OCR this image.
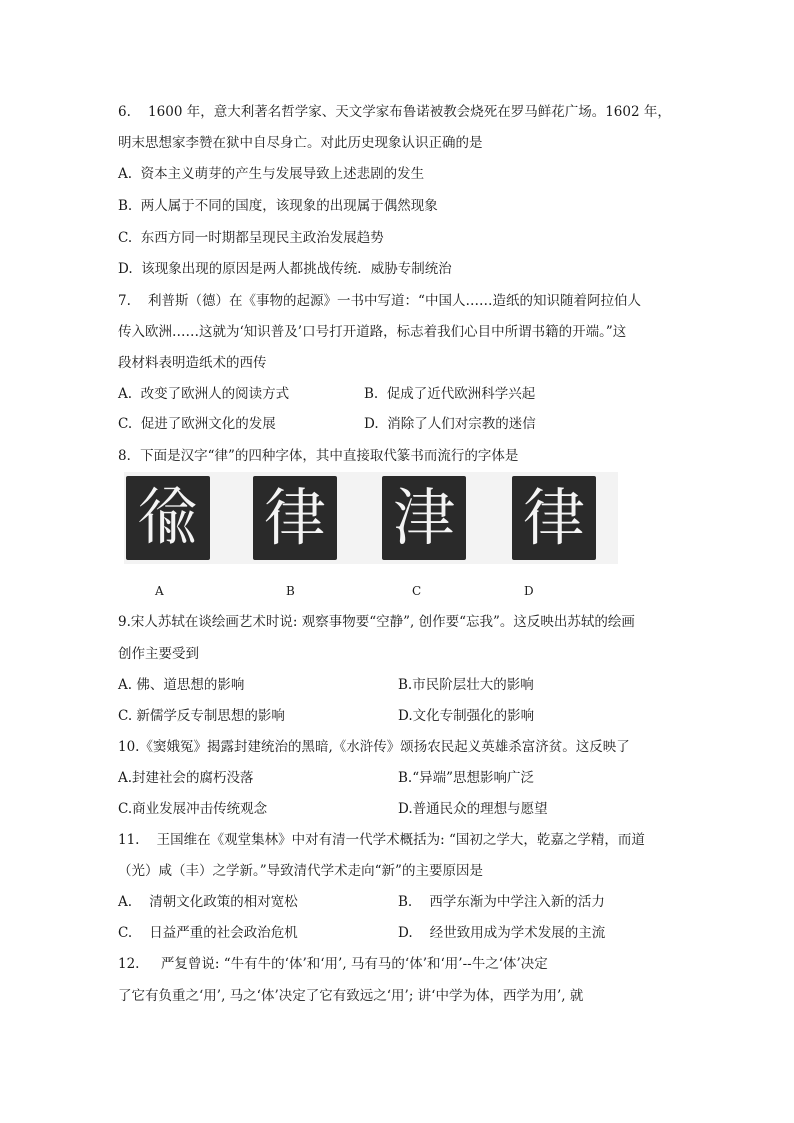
6.    1600 年，意大利著名哲学家、天文学家布鲁诺被教会烧死在罗马鲜花广场。1602 年，
明末思想家李赞在狱中自尽身亡。对此历史现象认识正确的是
A.  资本主义萌芽的产生与发展导致上述悲剧的发生
B.  两人属于不同的国度，该现象的出现属于偶然现象
C.  东西方同一时期都呈现民主政治发展趋势
D.  该现象出现的原因是两人都挑战传统．威胁专制统治
7.    利普斯（德）在《事物的起源》一书中写道：“中国人……造纸的知识随着阿拉伯人
传入欧洲……这就为‘知识普及’口号打开道路，标志着我们心目中所谓书籍的开端。”这
段材料表明造纸术的西传
A.  改变了欧洲人的阅读方式	B.  促成了近代欧洲科学兴起
C.  促进了欧洲文化的发展	D.  消除了人们对宗教的迷信
8．下面是汉字“律”的四种字体，其中直接取代篆书而流行的字体是
𢔢 律 津 律
A	B	C	D
9.宋人苏轼在谈绘画艺术时说: 观察事物要“空静”, 创作要“忘我”。这反映出苏轼的绘画
创作主要受到
A. 佛、道思想的影响	B.市民阶层壮大的影响
C. 新儒学反专制思想的影响	D.文化专制强化的影响
10.《窦娥冤》揭露封建统治的黑暗,《水浒传》颂扬农民起义英雄杀富济贫。这反映了
A.封建社会的腐朽没落	B.“异端”思想影响广泛
C.商业发展冲击传统观念	D.普通民众的理想与愿望
11.    王国维在《观堂集林》中对有清一代学术概括为: “国初之学大，乾嘉之学精，而道
（光）咸（丰）之学新。”导致清代学术走向“新”的主要原因是
A.    清朝文化政策的相对宽松	B.    西学东渐为中学注入新的活力
C.    日益严重的社会政治危机	D.    经世致用成为学术发展的主流
12.     严复曾说: “牛有牛的‘体’和‘用’, 马有马的‘体’和‘用’--牛之‘体’决定
了它有负重之‘用’, 马之‘体’决定了它有致远之‘用’; 讲‘中学为体，西学为用’, 就
